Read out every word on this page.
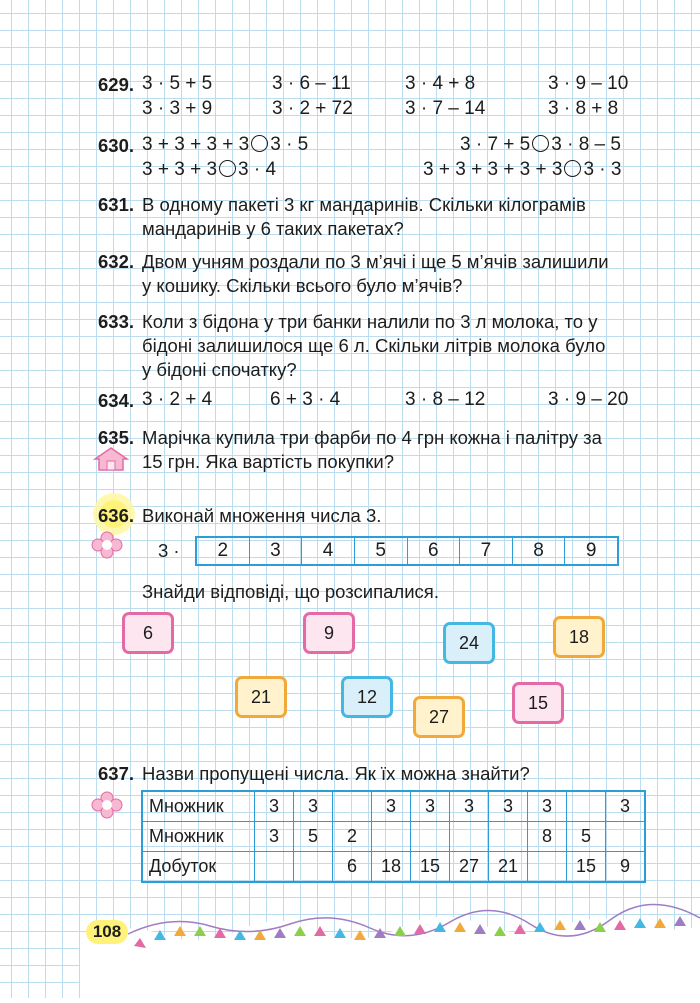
629. 3 · 5 + 5	3 · 6 – 11	3 · 4 + 8	3 · 9 – 10
3 · 3 + 9	3 · 2 + 72	3 · 7 – 14	3 · 8 + 8
630. 3 + 3 + 3 + 3 3 · 5	3 · 7 + 5 3 · 8 – 5
3 + 3 + 3 3 · 4	3 + 3 + 3 + 3 + 3 3 · 3
631. В одному пакеті 3 кг мандаринів. Скільки кілограмів
мандаринів у 6 таких пакетах?
632. Двом учням роздали по 3 м’ячі і ще 5 м’ячів залишили
у кошику. Скільки всього було м’ячів?
633. Коли з бідона у три банки налили по 3 л молока, то у
бідоні залишилося ще 6 л. Скільки літрів молока було
у бідоні спочатку?
634. 3 · 2 + 4	6 + 3 · 4	3 · 8 – 12	3 · 9 – 20
635. Марічка купила три фарби по 4 грн кожна і палітру за
15 грн. Яка вартість покупки?
636. Виконай множення числа 3.
3 ·	2	3	4	5	6	7	8	9
Знайди відповіді, що розсипалися.
6	9	24	18
21	12
27
15
637. Назви пропущені числа. Як їх можна знайти?
Множник	3	3		3	3	3	3	3		3
Множник	3	5	2					8	5	
Добуток			6	18	15	27	21		15	9
108
